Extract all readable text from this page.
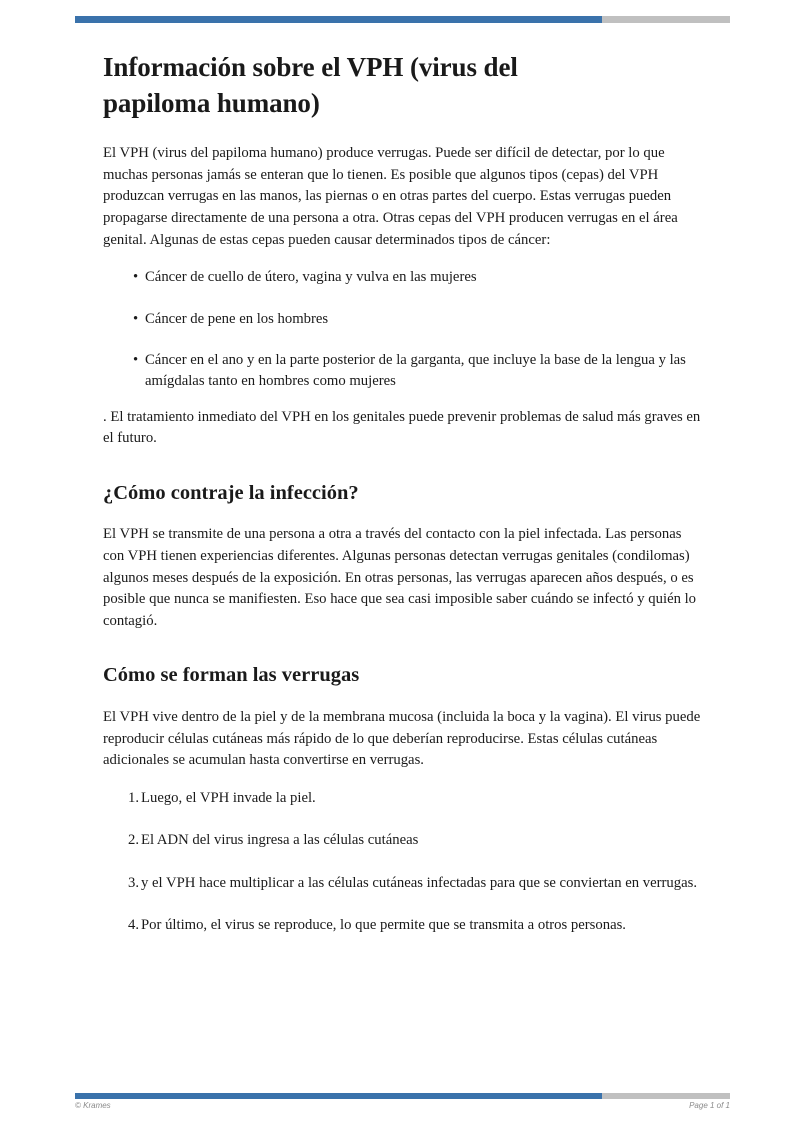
Información sobre el VPH (virus del papiloma humano)

El VPH (virus del papiloma humano) produce verrugas. Puede ser difícil de detectar, por lo que muchas personas jamás se enteran que lo tienen. Es posible que algunos tipos (cepas) del VPH produzcan verrugas en las manos, las piernas o en otras partes del cuerpo. Estas verrugas pueden propagarse directamente de una persona a otra. Otras cepas del VPH producen verrugas en el área genital. Algunas de estas cepas pueden causar determinados tipos de cáncer:

• Cáncer de cuello de útero, vagina y vulva en las mujeres
• Cáncer de pene en los hombres
• Cáncer en el ano y en la parte posterior de la garganta, que incluye la base de la lengua y las amígdalas tanto en hombres como mujeres

. El tratamiento inmediato del VPH en los genitales puede prevenir problemas de salud más graves en el futuro.

¿Cómo contraje la infección?

El VPH se transmite de una persona a otra a través del contacto con la piel infectada. Las personas con VPH tienen experiencias diferentes. Algunas personas detectan verrugas genitales (condilomas) algunos meses después de la exposición. En otras personas, las verrugas aparecen años después, o es posible que nunca se manifiesten. Eso hace que sea casi imposible saber cuándo se infectó y quién lo contagió.

Cómo se forman las verrugas

El VPH vive dentro de la piel y de la membrana mucosa (incluida la boca y la vagina). El virus puede reproducir células cutáneas más rápido de lo que deberían reproducirse. Estas células cutáneas adicionales se acumulan hasta convertirse en verrugas.

1. Luego, el VPH invade la piel.
2. El ADN del virus ingresa a las células cutáneas
3. y el VPH hace multiplicar a las células cutáneas infectadas para que se conviertan en verrugas.
4. Por último, el virus se reproduce, lo que permite que se transmita a otros personas.
© Krames	Page 1 of 1
